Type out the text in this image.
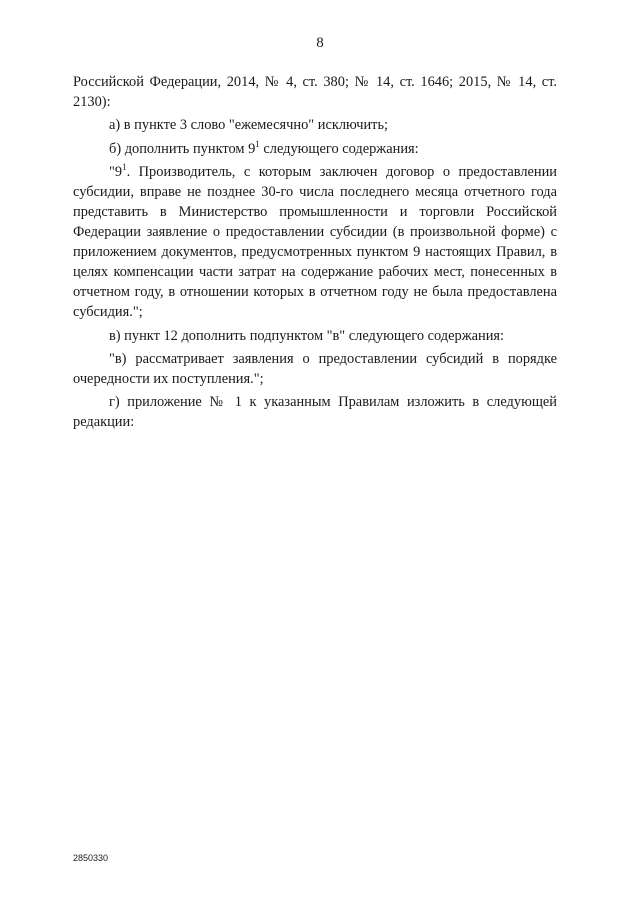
8

Российской Федерации, 2014, № 4, ст. 380; № 14, ст. 1646; 2015, № 14, ст. 2130):

а) в пункте 3 слово "ежемесячно" исключить;

б) дополнить пунктом $9^1$ следующего содержания:

"$9^1$. Производитель, с которым заключен договор о предоставлении субсидии, вправе не позднее 30-го числа последнего месяца отчетного года представить в Министерство промышленности и торговли Российской Федерации заявление о предоставлении субсидии (в произвольной форме) с приложением документов, предусмотренных пунктом 9 настоящих Правил, в целях компенсации части затрат на содержание рабочих мест, понесенных в отчетном году, в отношении которых в отчетном году не была предоставлена субсидия.";

в) пункт 12 дополнить подпунктом "в" следующего содержания:

"в) рассматривает заявления о предоставлении субсидий в порядке очередности их поступления.";

г) приложение № 1 к указанным Правилам изложить в следующей редакции:

2850330
